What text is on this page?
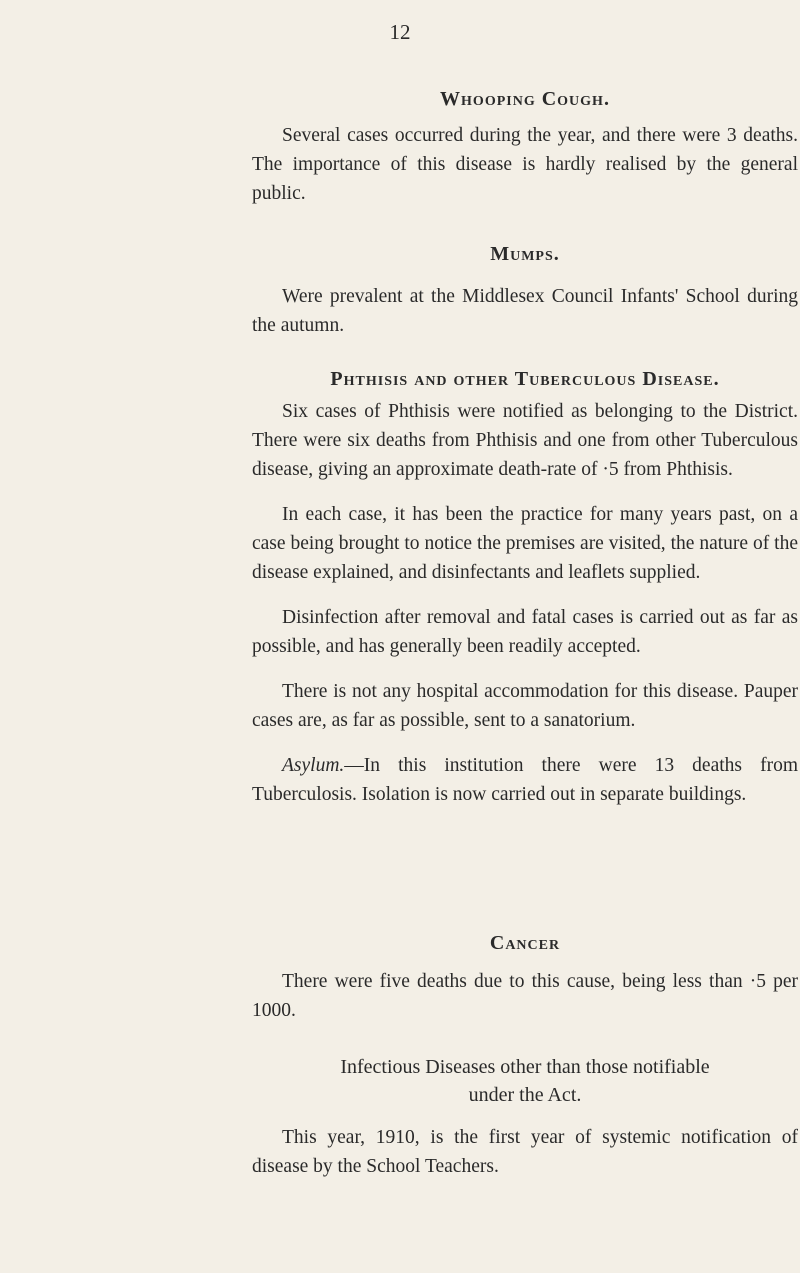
12
Whooping Cough.

Several cases occurred during the year, and there were 3 deaths. The importance of this disease is hardly realised by the general public.

Mumps.

Were prevalent at the Middlesex Council Infants' School during the autumn.

Phthisis and other Tuberculous Disease.

Six cases of Phthisis were notified as belonging to the District. There were six deaths from Phthisis and one from other Tuberculous disease, giving an approximate death-rate of ·5 from Phthisis.

In each case, it has been the practice for many years past, on a case being brought to notice the premises are visited, the nature of the disease explained, and disinfectants and leaflets supplied.

Disinfection after removal and fatal cases is carried out as far as possible, and has generally been readily accepted.

There is not any hospital accommodation for this disease. Pauper cases are, as far as possible, sent to a sanatorium.

Asylum.—In this institution there were 13 deaths from Tuberculosis. Isolation is now carried out in separate buildings.

Cancer

There were five deaths due to this cause, being less than ·5 per 1000.

Infectious Diseases other than those notifiable

under the Act.

This year, 1910, is the first year of systemic notification of disease by the School Teachers.
